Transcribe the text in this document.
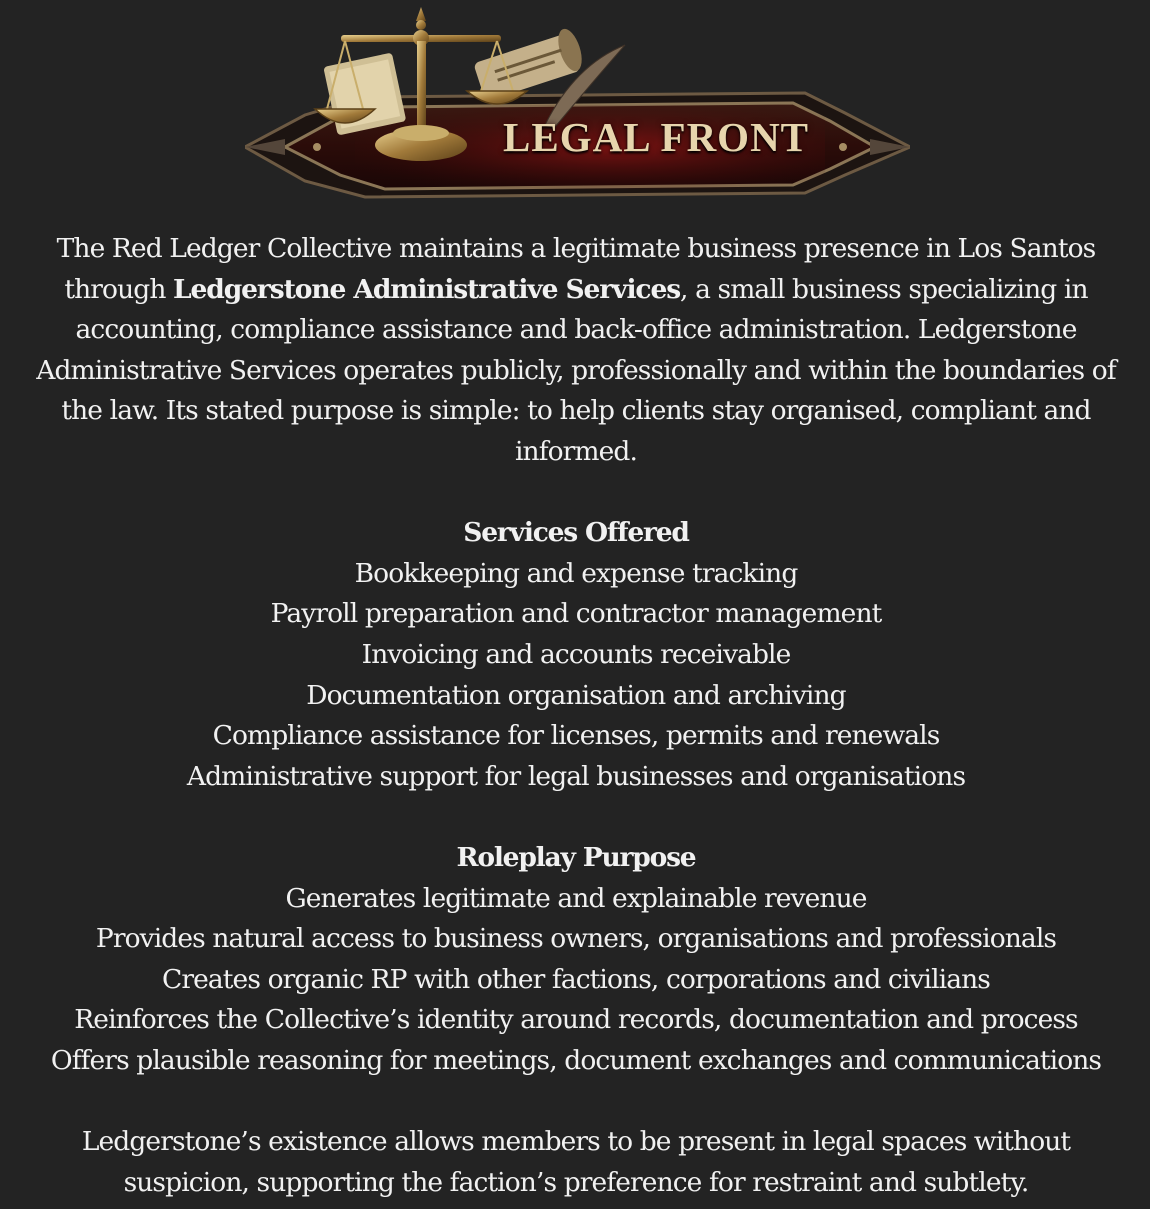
LEGAL FRONT

The Red Ledger Collective maintains a legitimate business presence in Los Santos through Ledgerstone Administrative Services, a small business specializing in accounting, compliance assistance and back-office administration. Ledgerstone Administrative Services operates publicly, professionally and within the boundaries of the law. Its stated purpose is simple: to help clients stay organised, compliant and informed.

Services Offered
Bookkeeping and expense tracking
Payroll preparation and contractor management
Invoicing and accounts receivable
Documentation organisation and archiving
Compliance assistance for licenses, permits and renewals
Administrative support for legal businesses and organisations
Roleplay Purpose
Generates legitimate and explainable revenue
Provides natural access to business owners, organisations and professionals
Creates organic RP with other factions, corporations and civilians
Reinforces the Collective’s identity around records, documentation and process
Offers plausible reasoning for meetings, document exchanges and communications

Ledgerstone’s existence allows members to be present in legal spaces without suspicion, supporting the faction’s preference for restraint and subtlety.
